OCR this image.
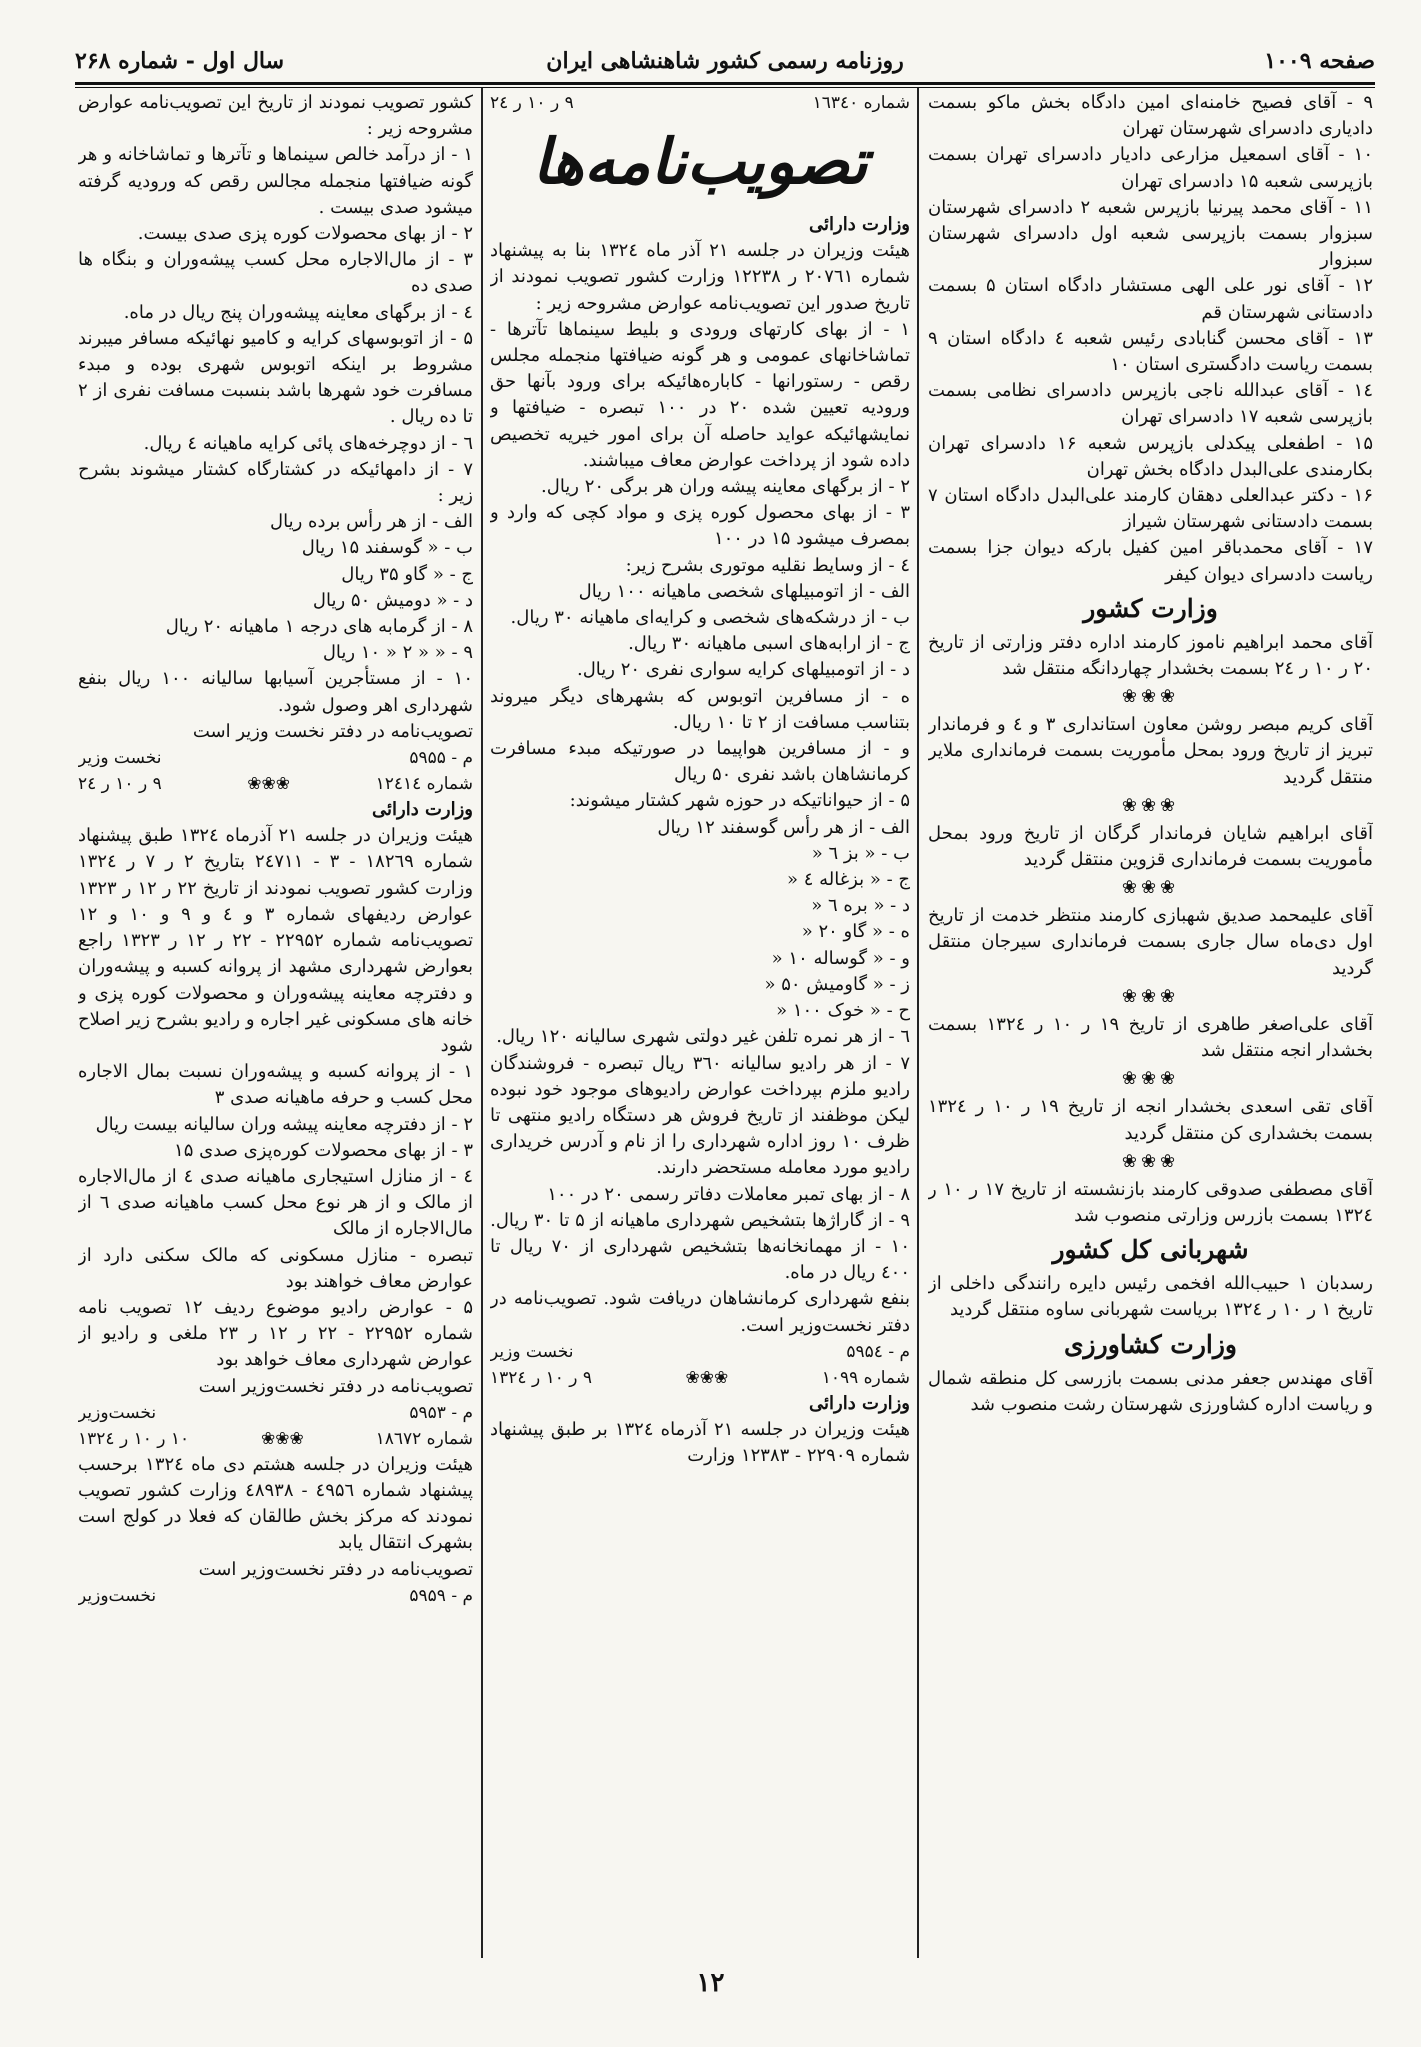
صفحه ۱۰۰۹
روزنامه رسمی کشور شاهنشاهی ایران
سال اول - شماره ۲۶۸

۹ - آقای فصیح خامنه‌ای امین دادگاه بخش ماکو بسمت دادیاری دادسرای شهرستان تهران

۱۰ - آقای اسمعیل مزارعی دادیار دادسرای تهران بسمت بازپرسی شعبه ۱۵ دادسرای تهران

۱۱ - آقای محمد پیرنیا بازپرس شعبه ۲ دادسرای شهرستان سبزوار بسمت بازپرسی شعبه اول دادسرای شهرستان سبزوار

۱۲ - آقای نور علی الهی مستشار دادگاه استان ۵ بسمت دادستانی شهرستان قم

۱۳ - آقای محسن گنابادی رئیس شعبه ٤ دادگاه استان ۹ بسمت ریاست دادگستری استان ۱۰

۱٤ - آقای عبدالله ناجی بازپرس دادسرای نظامی بسمت بازپرسی شعبه ۱۷ دادسرای تهران

۱۵ - اطفعلی پیکدلی بازپرس شعبه ۱۶ دادسرای تهران بکارمندی علی‌البدل دادگاه بخش تهران

۱۶ - دکتر عبدالعلی دهقان کارمند علی‌البدل دادگاه استان ۷ بسمت دادستانی شهرستان شیراز

۱۷ - آقای محمدباقر امین کفیل بارکه دیوان جزا بسمت ریاست دادسرای دیوان کیفر

وزارت کشور

آقای محمد ابراهیم ناموز کارمند اداره دفتر وزارتی از تاریخ ۲۰ ر ۱۰ ر ۲٤ بسمت بخشدار چهاردانگه منتقل شد

❀❀❀

آقای کریم مبصر روشن معاون استانداری ۳ و ٤ و فرماندار تبریز از تاریخ ورود بمحل مأموریت بسمت فرمانداری ملایر منتقل گردید

❀❀❀

آقای ابراهیم شایان فرماندار گرگان از تاریخ ورود بمحل مأموریت بسمت فرمانداری قزوین منتقل گردید

❀❀❀

آقای علیمحمد صدیق شهبازی کارمند منتظر خدمت از تاریخ اول دی‌ماه سال جاری بسمت فرمانداری سیرجان منتقل گردید

❀❀❀

آقای علی‌اصغر طاهری از تاریخ ۱۹ ر ۱۰ ر ۱۳۲٤ بسمت بخشدار انجه منتقل شد

❀❀❀

آقای تقی اسعدی بخشدار انجه از تاریخ ۱۹ ر ۱۰ ر ۱۳۲٤ بسمت بخشداری کن منتقل گردید

❀❀❀

آقای مصطفی صدوقی کارمند بازنشسته از تاریخ ۱۷ ر ۱۰ ر ۱۳۲٤ بسمت بازرس وزارتی منصوب شد

شهربانی کل کشور

رسدبان ۱ حبیب‌الله افخمی رئیس دایره رانندگی داخلی از تاریخ ۱ ر ۱۰ ر ۱۳۲٤ بریاست شهربانی ساوه منتقل گردید

وزارت کشاورزی

آقای مهندس جعفر مدنی بسمت بازرسی کل منطقه شمال و ریاست اداره کشاورزی شهرستان رشت منصوب شد

شماره ۱٦۳٤٠
۹ ر ۱۰ ر ۲٤
تصویب‌نامه‌ها

وزارت دارائی

هیئت وزیران در جلسه ۲۱ آذر ماه ۱۳۲٤ بنا به پیشنهاد شماره ۲۰۷٦۱ ر ۱۲۲۳۸ وزارت کشور تصویب نمودند از تاریخ صدور این تصویب‌نامه عوارض مشروحه زیر :

۱ - از بهای کارتهای ورودی و بلیط سینماها تآترها - تماشاخانهای عمومی و هر گونه ضیافتها منجمله مجلس رقص - رستورانها - کاباره‌هائیکه برای ورود بآنها حق ورودیه تعیین شده ۲۰ در ۱۰۰ تبصره - ضیافتها و نمایشهائیکه عواید حاصله آن برای امور خیریه تخصیص داده شود از پرداخت عوارض معاف میباشند.

۲ - از برگهای معاینه پیشه وران هر برگی ۲۰ ریال.

۳ - از بهای محصول کوره پزی و مواد کچی که وارد و بمصرف میشود ۱۵ در ۱۰۰

٤ - از وسایط نقلیه موتوری بشرح زیر:

الف - از اتومبیلهای شخصی ماهیانه ۱۰۰ ریال

ب - از درشکه‌های شخصی و کرایه‌ای ماهیانه ۳۰ ریال.

ج - از ارابه‌های اسبی ماهیانه ۳۰ ریال.

د - از اتومبیلهای کرایه سواری نفری ۲۰ ریال.

ه - از مسافرین اتوبوس که بشهرهای دیگر میروند بتناسب مسافت از ۲ تا ۱۰ ریال.

و - از مسافرین هواپیما در صورتیکه مبدء مسافرت کرمانشاهان باشد نفری ۵۰ ریال

۵ - از حیواناتیکه در حوزه شهر کشتار میشوند:

الف - از هر رأس گوسفند ۱۲ ریال

ب - « بز ٦ «

ج - « بزغاله ٤ «

د - « بره ٦ «

ه - « گاو ۲۰ «

و - « گوساله ۱۰ «

ز - « گاومیش ۵۰ «

ح - « خوک ۱۰۰ «

٦ - از هر نمره تلفن غیر دولتی شهری سالیانه ۱۲۰ ریال.

۷ - از هر رادیو سالیانه ۳٦۰ ریال تبصره - فروشندگان رادیو ملزم بپرداخت عوارض رادیوهای موجود خود نبوده لیکن موظفند از تاریخ فروش هر دستگاه رادیو منتهی تا ظرف ۱۰ روز اداره شهرداری را از نام و آدرس خریداری رادیو مورد معامله مستحضر دارند.

۸ - از بهای تمبر معاملات دفاتر رسمی ۲۰ در ۱۰۰

۹ - از گاراژها بتشخیص شهرداری ماهیانه از ۵ تا ۳۰ ریال.

۱۰ - از مهمانخانه‌ها بتشخیص شهرداری از ۷۰ ریال تا ٤۰۰ ریال در ماه.

بنفع شهرداری کرمانشاهان دریافت شود. تصویب‌نامه در دفتر نخست‌وزیر است.

م - ۵۹۵٤
نخست وزیر
شماره ۱۰۹۹
❀❀❀
۹ ر ۱۰ ر ۱۳۲٤

وزارت دارائی

هیئت وزیران در جلسه ۲۱ آذرماه ۱۳۲٤ بر طبق پیشنهاد شماره ۲۲۹۰۹ - ۱۲۳۸۳ وزارت

کشور تصویب نمودند از تاریخ این تصویب‌نامه عوارض مشروحه زیر :

۱ - از درآمد خالص سینماها و تآترها و تماشاخانه و هر گونه ضیافتها منجمله مجالس رقص که ورودیه گرفته میشود صدی بیست .

۲ - از بهای محصولات کوره پزی صدی بیست.

۳ - از مال‌الاجاره محل کسب پیشه‌وران و بنگاه ها صدی ده

٤ - از برگهای معاینه پیشه‌وران پنج ریال در ماه.

۵ - از اتوبوسهای کرایه و کامیو نهائیکه مسافر میبرند مشروط بر اینکه اتوبوس شهری بوده و مبدء مسافرت خود شهرها باشد بنسبت مسافت نفری از ۲ تا ده ریال .

٦ - از دوچرخه‌های پائی کرایه ماهیانه ٤ ریال.

۷ - از دامهائیکه در کشتارگاه کشتار میشوند بشرح زیر :

الف - از هر رأس برده ریال

ب - « گوسفند ۱۵ ریال

ج - « گاو ۳۵ ریال

د - « دومیش ۵۰ ریال

۸ - از گرمابه های درجه ۱ ماهیانه ۲۰ ریال

۹ - « « ۲ « ۱۰ ریال

۱۰ - از مستأجرین آسیابها سالیانه ۱۰۰ ریال بنفع شهرداری اهر وصول شود.

تصویب‌نامه در دفتر نخست وزیر است

م - ۵۹۵۵
نخست وزیر
شماره ۱۲٤۱٤
❀❀❀
۹ ر ۱۰ ر ۲٤

وزارت دارائی

هیئت وزیران در جلسه ۲۱ آذرماه ۱۳۲٤ طبق پیشنهاد شماره ۱۸۲٦۹ - ۳ - ۲٤۷۱۱ بتاریخ ۲ ر ۷ ر ۱۳۲٤ وزارت کشور تصویب نمودند از تاریخ ۲۲ ر ۱۲ ر ۱۳۲۳ عوارض ردیفهای شماره ۳ و ٤ و ۹ و ۱۰ و ۱۲ تصویب‌نامه شماره ۲۲۹۵۲ - ۲۲ ر ۱۲ ر ۱۳۲۳ راجع بعوارض شهرداری مشهد از پروانه کسبه و پیشه‌وران و دفترچه معاینه پیشه‌وران و محصولات کوره پزی و خانه های مسکونی غیر اجاره و رادیو بشرح زیر اصلاح شود

۱ - از پروانه کسبه و پیشه‌وران نسبت بمال الاجاره محل کسب و حرفه ماهیانه صدی ۳

۲ - از دفترچه معاینه پیشه وران سالیانه بیست ریال

۳ - از بهای محصولات کوره‌پزی صدی ۱۵

٤ - از منازل استیجاری ماهیانه صدی ٤ از مال‌الاجاره از مالک و از هر نوع محل کسب ماهیانه صدی ٦ از مال‌الاجاره از مالک

تبصره - منازل مسکونی که مالک سکنی دارد از عوارض معاف خواهند بود

۵ - عوارض رادیو موضوع ردیف ۱۲ تصویب نامه شماره ۲۲۹۵۲ - ۲۲ ر ۱۲ ر ۲۳ ملغی و رادیو از عوارض شهرداری معاف خواهد بود

تصویب‌نامه در دفتر نخست‌وزیر است

م - ۵۹۵۳
نخست‌وزیر
شماره ۱۸٦۷۲
❀❀❀
۱۰ ر ۱۰ ر ۱۳۲٤

هیئت وزیران در جلسه هشتم دی ماه ۱۳۲٤ برحسب پیشنهاد شماره ٤۹۵٦ - ٤۸۹۳۸ وزارت کشور تصویب نمودند که مرکز بخش طالقان که فعلا در کولج است بشهرک انتقال یابد

تصویب‌نامه در دفتر نخست‌وزیر است

م - ۵۹۵۹
نخست‌وزیر
۱۲
